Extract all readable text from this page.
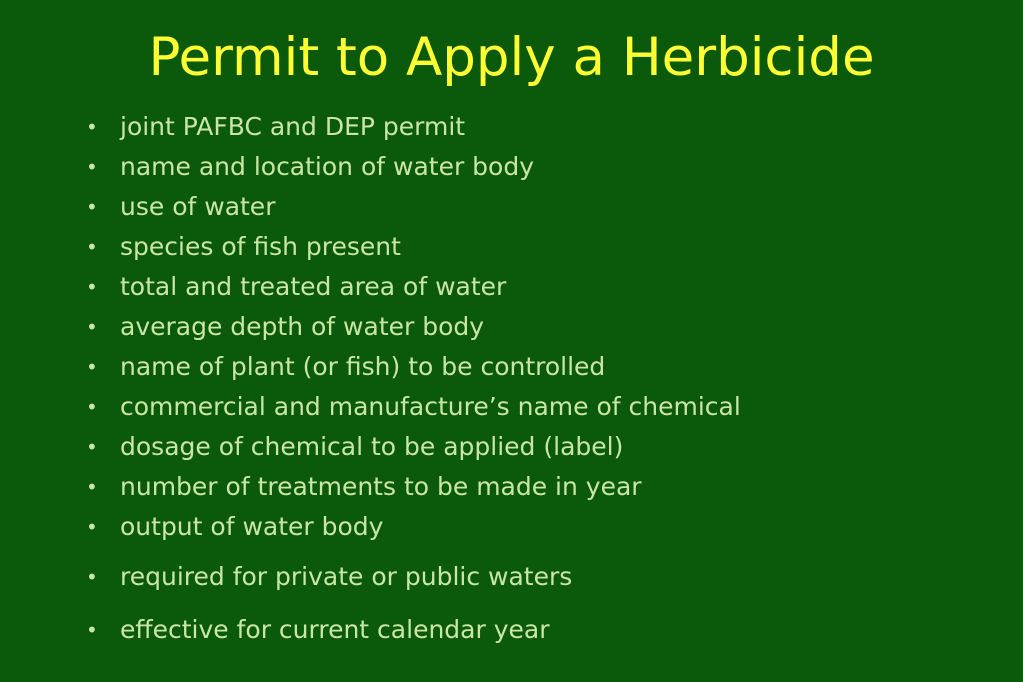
Permit to Apply a Herbicide
• joint PAFBC and DEP permit
• name and location of water body
• use of water
• species of fish present
• total and treated area of water
• average depth of water body
• name of plant (or fish) to be controlled
• commercial and manufacture’s name of chemical
• dosage of chemical to be applied (label)
• number of treatments to be made in year
• output of water body
• required for private or public waters
• effective for current calendar year
